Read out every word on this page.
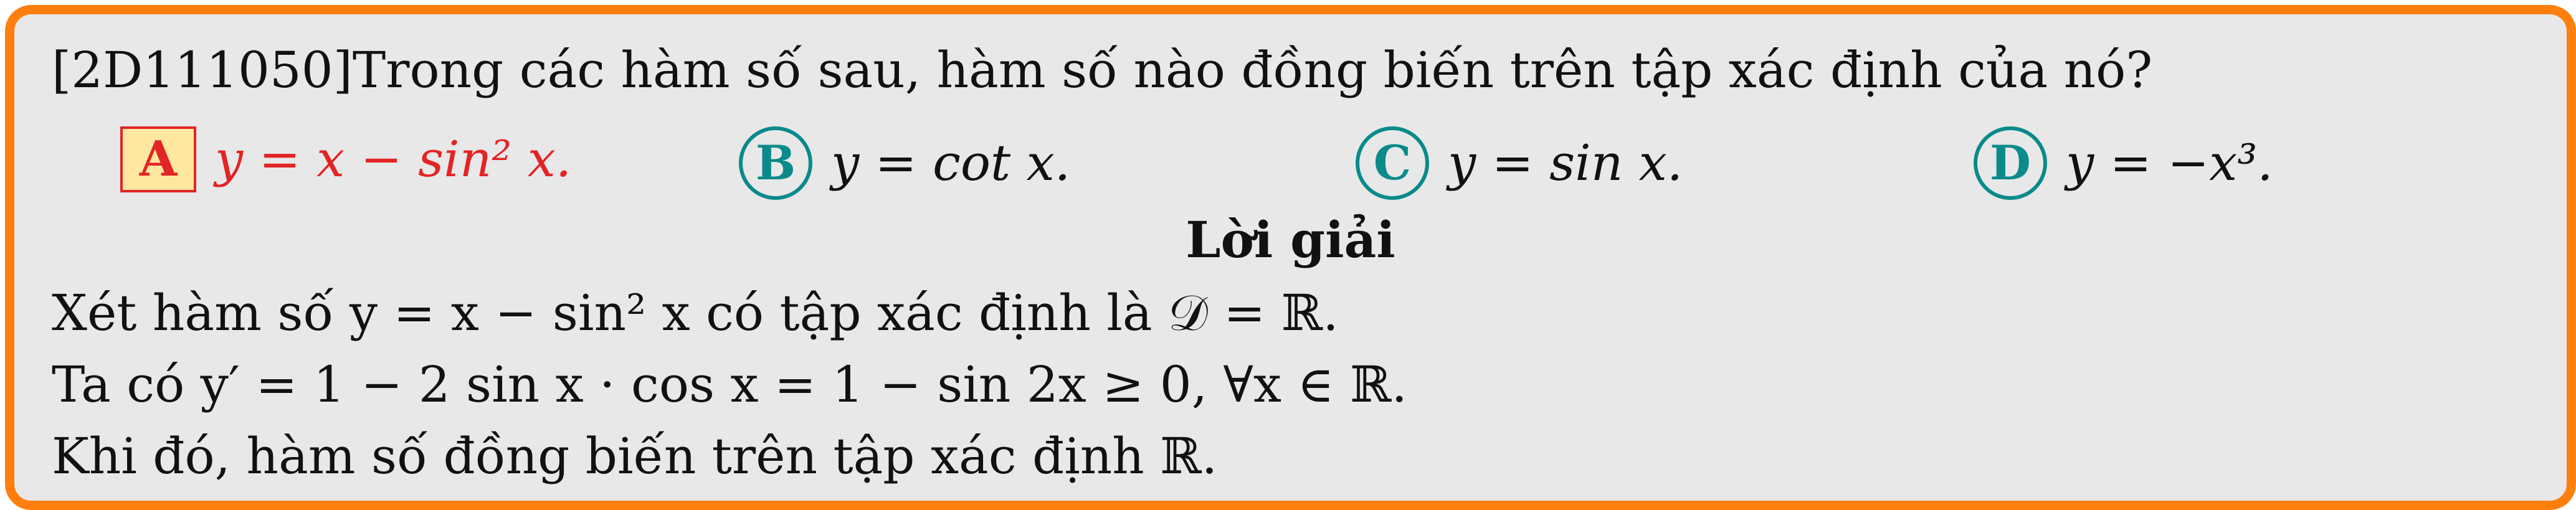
[2D111050]Trong các hàm số sau, hàm số nào đồng biến trên tập xác định của nó?
A y = x − sin² x.	B y = cot x.	C y = sin x.	D y = −x³.
Lời giải
Xét hàm số y = x − sin² x có tập xác định là 𝒟 = ℝ.
Ta có y′ = 1 − 2 sin x · cos x = 1 − sin 2x ≥ 0, ∀x ∈ ℝ.
Khi đó, hàm số đồng biến trên tập xác định ℝ.
